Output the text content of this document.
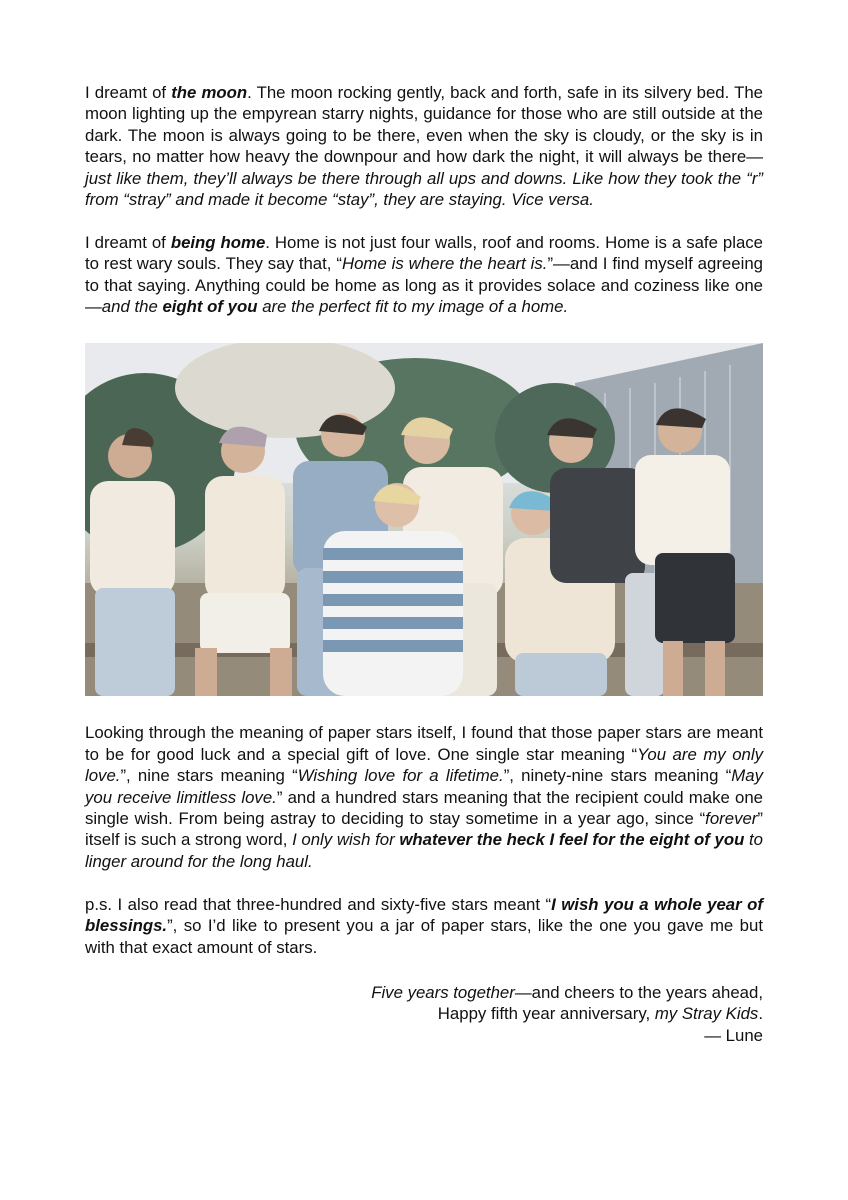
I dreamt of the moon. The moon rocking gently, back and forth, safe in its silvery bed. The moon lighting up the empyrean starry nights, guidance for those who are still outside at the dark. The moon is always going to be there, even when the sky is cloudy, or the sky is in tears, no matter how heavy the downpour and how dark the night, it will always be there—just like them, they’ll always be there through all ups and downs. Like how they took the “r” from “stray” and made it become “stay”, they are staying. Vice versa.

I dreamt of being home. Home is not just four walls, roof and rooms. Home is a safe place to rest wary souls. They say that, “Home is where the heart is.”—and I find myself agreeing to that saying. Anything could be home as long as it provides solace and coziness like one—and the eight of you are the perfect fit to my image of a home.

Looking through the meaning of paper stars itself, I found that those paper stars are meant to be for good luck and a special gift of love. One single star meaning “You are my only love.”, nine stars meaning “Wishing love for a lifetime.”, ninety-nine stars meaning “May you receive limitless love.” and a hundred stars meaning that the recipient could make one single wish. From being astray to deciding to stay sometime in a year ago, since “forever” itself is such a strong word, I only wish for whatever the heck I feel for the eight of you to linger around for the long haul.

p.s. I also read that three-hundred and sixty-five stars meant “I wish you a whole year of blessings.”, so I’d like to present you a jar of paper stars, like the one you gave me but with that exact amount of stars.

Five years together—and cheers to the years ahead,
Happy fifth year anniversary, my Stray Kids.
— Lune
